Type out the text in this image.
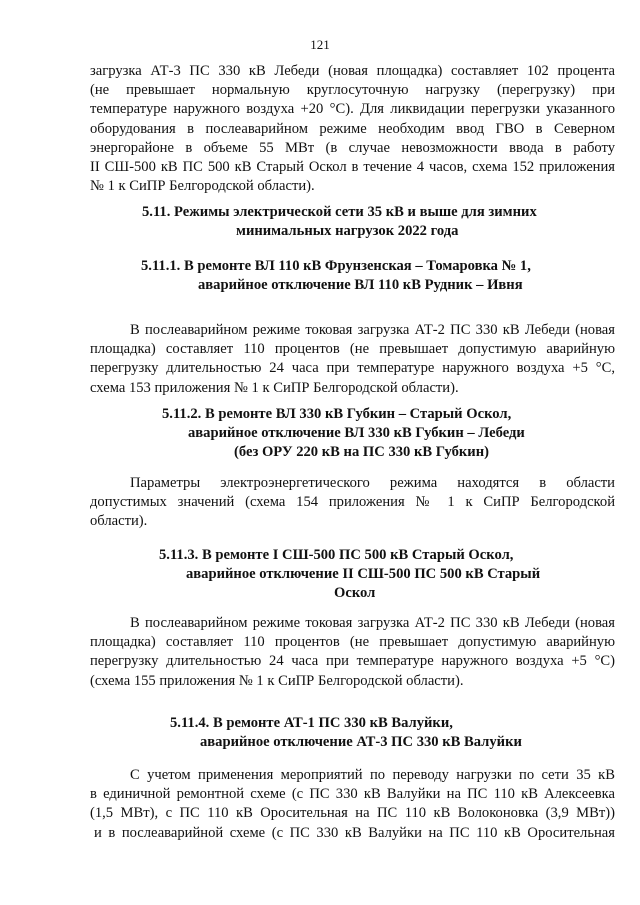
121
загрузка АТ-3 ПС 330 кВ Лебеди (новая площадка) составляет 102 процента
(не превышает нормальную круглосуточную нагрузку (перегрузку) при
температуре наружного воздуха +20 °С). Для ликвидации перегрузки указанного
оборудования в послеаварийном режиме необходим ввод ГВО в Северном
энергорайоне в объеме 55 МВт (в случае невозможности ввода в работу
II СШ-500 кВ ПС 500 кВ Старый Оскол в течение 4 часов, схема 152 приложения
№ 1 к СиПР Белгородской области).
5.11. Режимы электрической сети 35 кВ и выше для зимних
минимальных нагрузок 2022 года
5.11.1. В ремонте ВЛ 110 кВ Фрунзенская – Томаровка № 1,
аварийное отключение ВЛ 110 кВ Рудник – Ивня
В послеаварийном режиме токовая загрузка АТ-2 ПС 330 кВ Лебеди (новая
площадка) составляет 110 процентов (не превышает допустимую аварийную
перегрузку длительностью 24 часа при температуре наружного воздуха +5 °С,
схема 153 приложения № 1 к СиПР Белгородской области).
5.11.2. В ремонте ВЛ 330 кВ Губкин – Старый Оскол,
аварийное отключение ВЛ 330 кВ Губкин – Лебеди
(без ОРУ 220 кВ на ПС 330 кВ Губкин)
Параметры электроэнергетического режима находятся в области
допустимых значений (схема 154 приложения № 1 к СиПР Белгородской
области).
5.11.3. В ремонте I СШ-500 ПС 500 кВ Старый Оскол,
аварийное отключение II СШ-500 ПС 500 кВ Старый
Оскол
В послеаварийном режиме токовая загрузка АТ-2 ПС 330 кВ Лебеди (новая
площадка) составляет 110 процентов (не превышает допустимую аварийную
перегрузку длительностью 24 часа при температуре наружного воздуха +5 °С)
(схема 155 приложения № 1 к СиПР Белгородской области).
5.11.4. В ремонте АТ-1 ПС 330 кВ Валуйки,
аварийное отключение АТ-3 ПС 330 кВ Валуйки
С учетом применения мероприятий по переводу нагрузки по сети 35 кВ
в единичной ремонтной схеме (с ПС 330 кВ Валуйки на ПС 110 кВ Алексеевка
(1,5 МВт), с ПС 110 кВ Оросительная на ПС 110 кВ Волоконовка (3,9 МВт))
и в послеаварийной схеме (с ПС 330 кВ Валуйки на ПС 110 кВ Оросительная
